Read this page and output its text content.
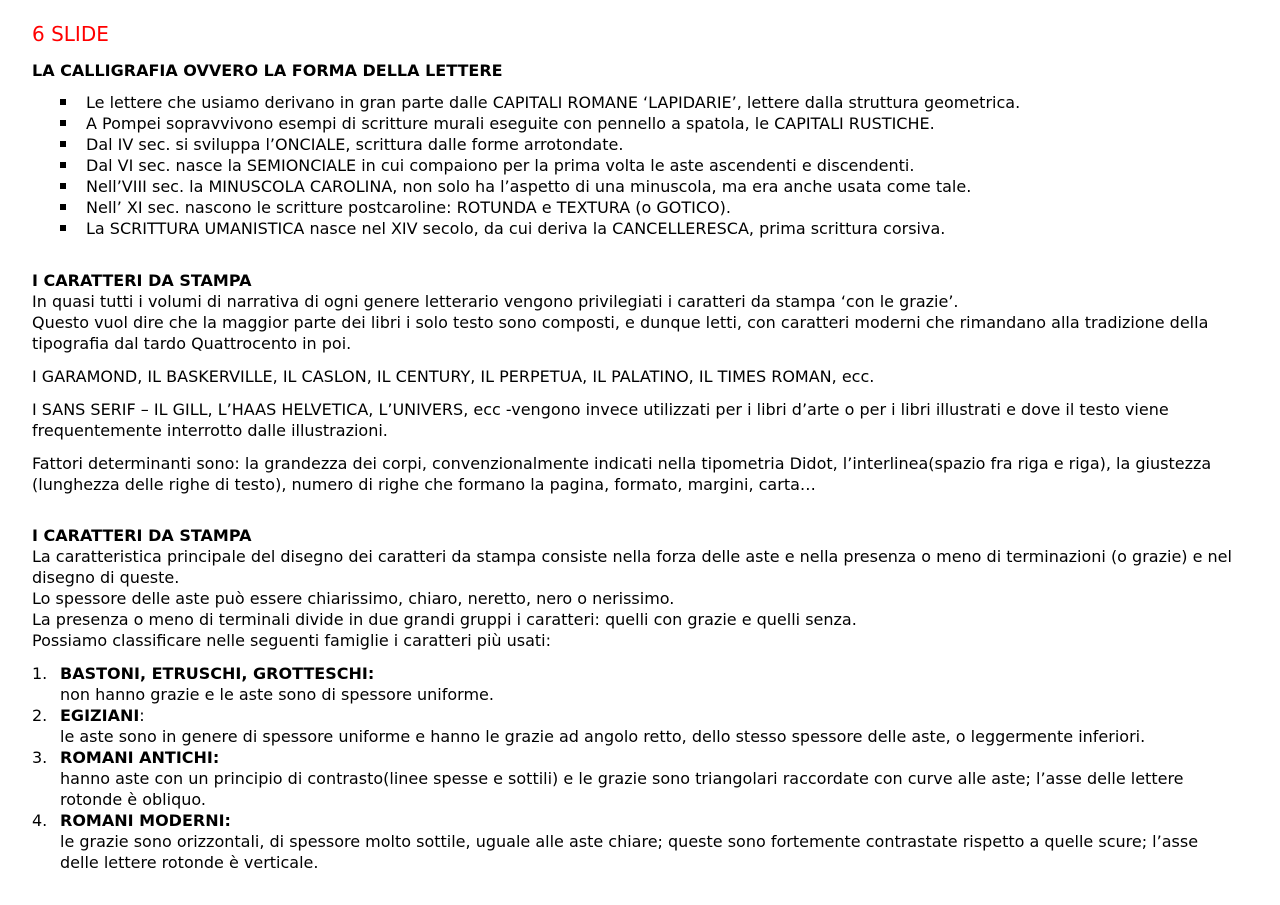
6 SLIDE
LA CALLIGRAFIA OVVERO LA FORMA DELLA LETTERE
Le lettere che usiamo derivano in gran parte dalle CAPITALI ROMANE ‘LAPIDARIE’, lettere dalla struttura geometrica.
A Pompei sopravvivono esempi di scritture murali eseguite con pennello a spatola, le CAPITALI RUSTICHE.
Dal IV sec. si sviluppa l’ONCIALE, scrittura dalle forme arrotondate.
Dal VI sec. nasce la SEMIONCIALE in cui compaiono per la prima volta le aste ascendenti e discendenti.
Nell’VIII sec. la MINUSCOLA CAROLINA, non solo ha l’aspetto di una minuscola, ma era anche usata come tale.
Nell’ XI sec. nascono le scritture postcaroline: ROTUNDA e TEXTURA (o GOTICO).
La SCRITTURA UMANISTICA nasce nel XIV secolo, da cui deriva la CANCELLERESCA, prima scrittura corsiva.

I CARATTERI DA STAMPA

In quasi tutti i volumi di narrativa di ogni genere letterario vengono privilegiati i caratteri da stampa ‘con le grazie’.

Questo vuol dire che la maggior parte dei libri i solo testo sono composti, e dunque letti, con caratteri moderni che rimandano alla tradizione della tipografia dal tardo Quattrocento in poi.

I GARAMOND, IL BASKERVILLE, IL CASLON, IL CENTURY, IL PERPETUA, IL PALATINO, IL TIMES ROMAN, ecc.

I SANS SERIF – IL GILL, L’HAAS HELVETICA, L’UNIVERS, ecc -vengono invece utilizzati per i libri d’arte o per i libri illustrati e dove il testo viene frequentemente interrotto dalle illustrazioni.

Fattori determinanti sono: la grandezza dei corpi, convenzionalmente indicati nella tipometria Didot, l’interlinea(spazio fra riga e riga), la giustezza (lunghezza delle righe di testo), numero di righe che formano la pagina, formato, margini, carta…

I CARATTERI DA STAMPA

La caratteristica principale del disegno dei caratteri da stampa consiste nella forza delle aste e nella presenza o meno di terminazioni (o grazie) e nel disegno di queste.

Lo spessore delle aste può essere chiarissimo, chiaro, neretto, nero o nerissimo.

La presenza o meno di terminali divide in due grandi gruppi i caratteri: quelli con grazie e quelli senza.

Possiamo classificare nelle seguenti famiglie i caratteri più usati:

1. BASTONI, ETRUSCHI, GROTTESCHI:
non hanno grazie e le aste sono di spessore uniforme.
2. EGIZIANI:
le aste sono in genere di spessore uniforme e hanno le grazie ad angolo retto, dello stesso spessore delle aste, o leggermente inferiori.
3. ROMANI ANTICHI:
hanno aste con un principio di contrasto(linee spesse e sottili) e le grazie sono triangolari raccordate con curve alle aste; l’asse delle lettere rotonde è obliquo.
4. ROMANI MODERNI:
le grazie sono orizzontali, di spessore molto sottile, uguale alle aste chiare; queste sono fortemente contrastate rispetto a quelle scure; l’asse delle lettere rotonde è verticale.
